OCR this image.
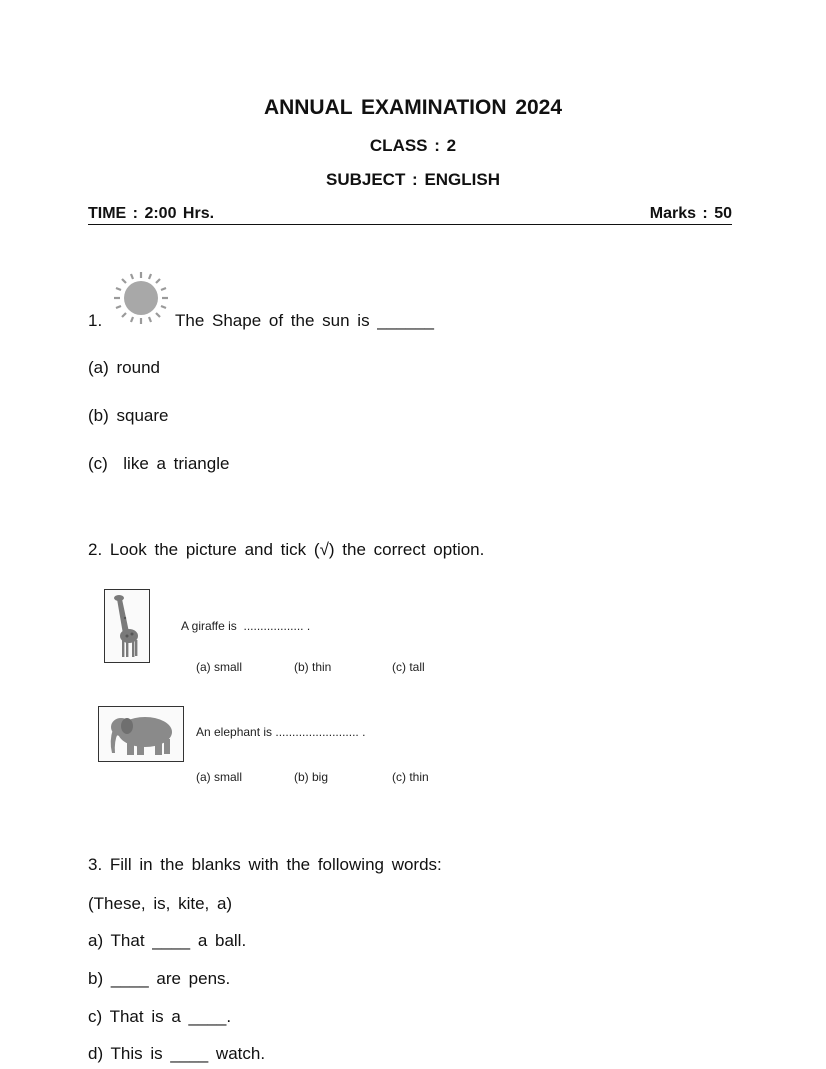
ANNUAL EXAMINATION 2024
CLASS : 2
SUBJECT : ENGLISH
TIME : 2:00 Hrs.	Marks : 50
1.	The Shape of the sun is ______
(a) round
(b) square
(c)  like a triangle
2. Look the picture and tick (√) the correct option.
A giraffe is  .................. .
(a) small	(b) thin	(c) tall
An elephant is ......................... .
(a) small	(b) big	(c) thin
3. Fill in the blanks with the following words:
(These, is, kite, a)
a) That ____ a ball.
b) ____ are pens.
c) That is a ____.
d) This is ____ watch.
